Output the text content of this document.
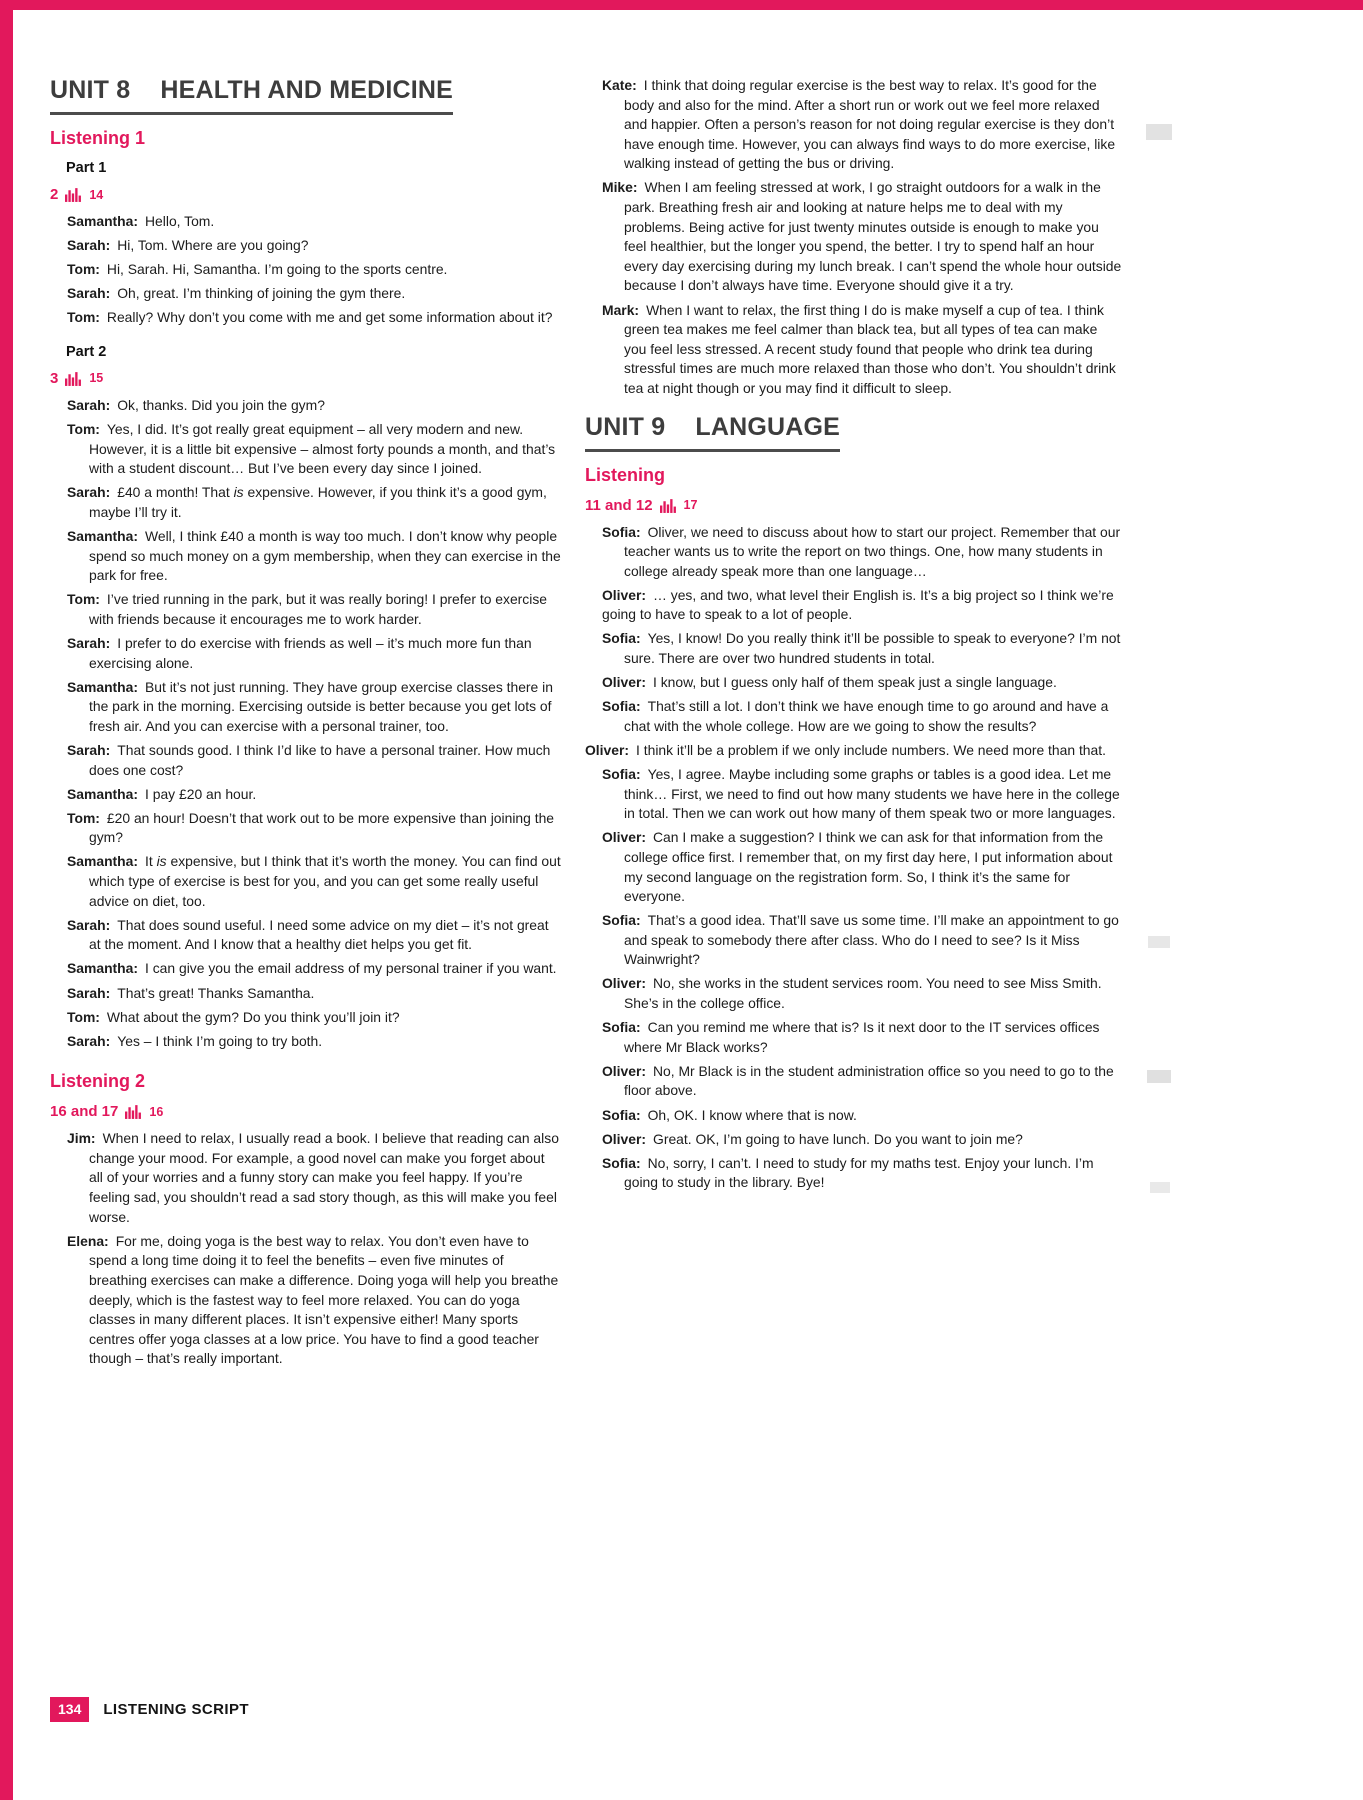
UNIT 8 HEALTH AND MEDICINE
Listening 1
Part 1
2 14

Samantha: Hello, Tom.

Sarah: Hi, Tom. Where are you going?

Tom: Hi, Sarah. Hi, Samantha. I’m going to the sports centre.

Sarah: Oh, great. I’m thinking of joining the gym there.

Tom: Really? Why don’t you come with me and get some information about it?

Part 2
3 15

Sarah: Ok, thanks. Did you join the gym?

Tom: Yes, I did. It’s got really great equipment – all very modern and new. However, it is a little bit expensive – almost forty pounds a month, and that’s with a student discount… But I’ve been every day since I joined.

Sarah: £40 a month! That is expensive. However, if you think it’s a good gym, maybe I’ll try it.

Samantha: Well, I think £40 a month is way too much. I don’t know why people spend so much money on a gym membership, when they can exercise in the park for free.

Tom: I’ve tried running in the park, but it was really boring! I prefer to exercise with friends because it encourages me to work harder.

Sarah: I prefer to do exercise with friends as well – it’s much more fun than exercising alone.

Samantha: But it’s not just running. They have group exercise classes there in the park in the morning. Exercising outside is better because you get lots of fresh air. And you can exercise with a personal trainer, too.

Sarah: That sounds good. I think I’d like to have a personal trainer. How much does one cost?

Samantha: I pay £20 an hour.

Tom: £20 an hour! Doesn’t that work out to be more expensive than joining the gym?

Samantha: It is expensive, but I think that it’s worth the money. You can find out which type of exercise is best for you, and you can get some really useful advice on diet, too.

Sarah: That does sound useful. I need some advice on my diet – it’s not great at the moment. And I know that a healthy diet helps you get fit.

Samantha: I can give you the email address of my personal trainer if you want.

Sarah: That’s great! Thanks Samantha.

Tom: What about the gym? Do you think you’ll join it?

Sarah: Yes – I think I’m going to try both.

Listening 2
16 and 17 16

Jim: When I need to relax, I usually read a book. I believe that reading can also change your mood. For example, a good novel can make you forget about all of your worries and a funny story can make you feel happy. If you’re feeling sad, you shouldn’t read a sad story though, as this will make you feel worse.

Elena: For me, doing yoga is the best way to relax. You don’t even have to spend a long time doing it to feel the benefits – even five minutes of breathing exercises can make a difference. Doing yoga will help you breathe deeply, which is the fastest way to feel more relaxed. You can do yoga classes in many different places. It isn’t expensive either! Many sports centres offer yoga classes at a low price. You have to find a good teacher though – that’s really important.

Kate: I think that doing regular exercise is the best way to relax. It’s good for the body and also for the mind. After a short run or work out we feel more relaxed and happier. Often a person’s reason for not doing regular exercise is they don’t have enough time. However, you can always find ways to do more exercise, like walking instead of getting the bus or driving.

Mike: When I am feeling stressed at work, I go straight outdoors for a walk in the park. Breathing fresh air and looking at nature helps me to deal with my problems. Being active for just twenty minutes outside is enough to make you feel healthier, but the longer you spend, the better. I try to spend half an hour every day exercising during my lunch break. I can’t spend the whole hour outside because I don’t always have time. Everyone should give it a try.

Mark: When I want to relax, the first thing I do is make myself a cup of tea. I think green tea makes me feel calmer than black tea, but all types of tea can make you feel less stressed. A recent study found that people who drink tea during stressful times are much more relaxed than those who don’t. You shouldn’t drink tea at night though or you may find it difficult to sleep.

UNIT 9 LANGUAGE
Listening
11 and 12 17

Sofia: Oliver, we need to discuss about how to start our project. Remember that our teacher wants us to write the report on two things. One, how many students in college already speak more than one language…

Oliver: … yes, and two, what level their English is. It’s a big project so I think we’re going to have to speak to a lot of people.

Sofia: Yes, I know! Do you really think it’ll be possible to speak to everyone? I’m not sure. There are over two hundred students in total.

Oliver: I know, but I guess only half of them speak just a single language.

Sofia: That’s still a lot. I don’t think we have enough time to go around and have a chat with the whole college. How are we going to show the results?

Oliver: I think it’ll be a problem if we only include numbers. We need more than that.

Sofia: Yes, I agree. Maybe including some graphs or tables is a good idea. Let me think… First, we need to find out how many students we have here in the college in total. Then we can work out how many of them speak two or more languages.

Oliver: Can I make a suggestion? I think we can ask for that information from the college office first. I remember that, on my first day here, I put information about my second language on the registration form. So, I think it’s the same for everyone.

Sofia: That’s a good idea. That’ll save us some time. I’ll make an appointment to go and speak to somebody there after class. Who do I need to see? Is it Miss Wainwright?

Oliver: No, she works in the student services room. You need to see Miss Smith. She’s in the college office.

Sofia: Can you remind me where that is? Is it next door to the IT services offices where Mr Black works?

Oliver: No, Mr Black is in the student administration office so you need to go to the floor above.

Sofia: Oh, OK. I know where that is now.

Oliver: Great. OK, I’m going to have lunch. Do you want to join me?

Sofia: No, sorry, I can’t. I need to study for my maths test. Enjoy your lunch. I’m going to study in the library. Bye!

134	LISTENING SCRIPT
